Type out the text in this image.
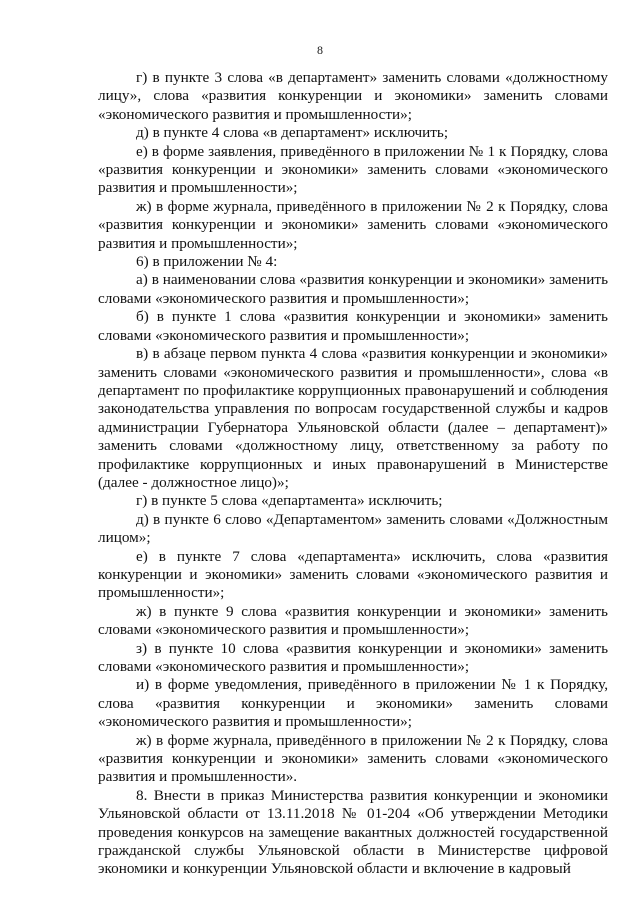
8

г) в пункте 3 слова «в департамент» заменить словами «должностному лицу», слова «развития конкуренции и экономики» заменить словами «экономического развития и промышленности»;

д) в пункте 4 слова «в департамент» исключить;

е) в форме заявления, приведённого в приложении № 1 к Порядку, слова «развития конкуренции и экономики» заменить словами «экономического развития и промышленности»;

ж) в форме журнала, приведённого в приложении № 2 к Порядку, слова «развития конкуренции и экономики» заменить словами «экономического развития и промышленности»;

6) в приложении № 4:

а) в наименовании слова «развития конкуренции и экономики» заменить словами «экономического развития и промышленности»;

б) в пункте 1 слова «развития конкуренции и экономики» заменить словами «экономического развития и промышленности»;

в) в абзаце первом пункта 4 слова «развития конкуренции и экономики» заменить словами «экономического развития и промышленности», слова «в департамент по профилактике коррупционных правонарушений и соблюдения законодательства управления по вопросам государственной службы и кадров администрации Губернатора Ульяновской области (далее – департамент)» заменить словами «должностному лицу, ответственному за работу по профилактике коррупционных и иных правонарушений в Министерстве (далее - должностное лицо)»;

г) в пункте 5 слова «департамента» исключить;

д) в пункте 6 слово «Департаментом» заменить словами «Должностным лицом»;

е) в пункте 7 слова «департамента» исключить, слова «развития конкуренции и экономики» заменить словами «экономического развития и промышленности»;

ж) в пункте 9 слова «развития конкуренции и экономики» заменить словами «экономического развития и промышленности»;

з) в пункте 10 слова «развития конкуренции и экономики» заменить словами «экономического развития и промышленности»;

и) в форме уведомления, приведённого в приложении № 1 к Порядку, слова «развития конкуренции и экономики» заменить словами «экономического развития и промышленности»;

ж) в форме журнала, приведённого в приложении № 2 к Порядку, слова «развития конкуренции и экономики» заменить словами «экономического развития и промышленности».

8. Внести в приказ Министерства развития конкуренции и экономики Ульяновской области от 13.11.2018 № 01-204 «Об утверждении Методики проведения конкурсов на замещение вакантных должностей государственной гражданской службы Ульяновской области в Министерстве цифровой экономики и конкуренции Ульяновской области и включение в кадровый
